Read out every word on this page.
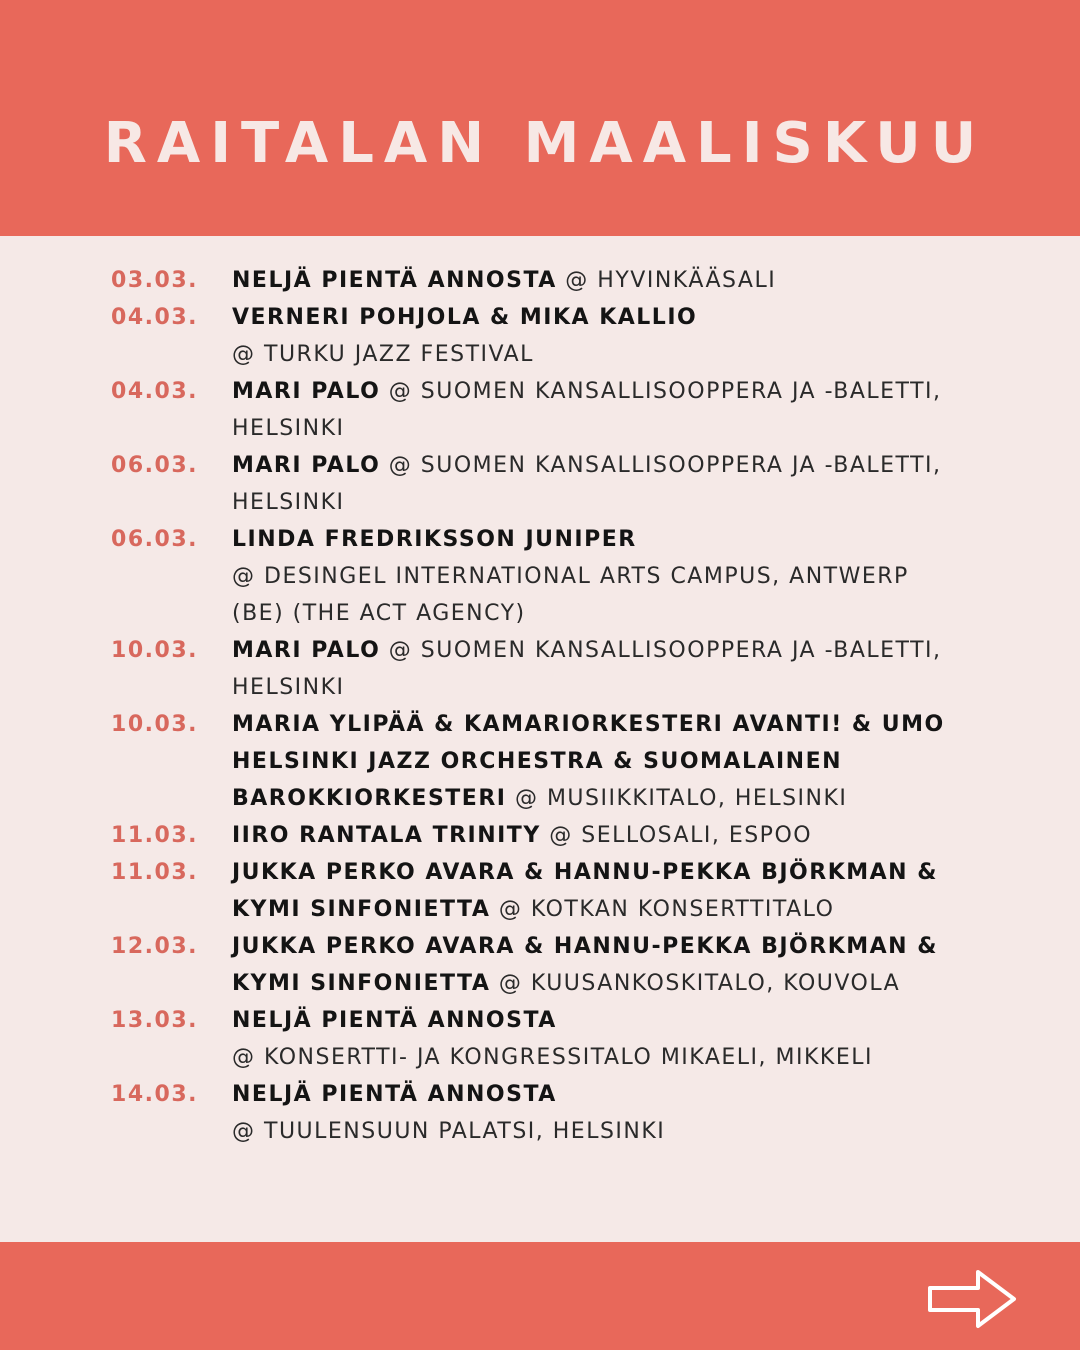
RAITALAN MAALISKUU
03.03. NELJÄ PIENTÄ ANNOSTA @ HYVINKÄÄSALI
04.03. VERNERI POHJOLA & MIKA KALLIO
@ TURKU JAZZ FESTIVAL
04.03. MARI PALO @ SUOMEN KANSALLISOOPPERA JA -BALETTI, HELSINKI
06.03. MARI PALO @ SUOMEN KANSALLISOOPPERA JA -BALETTI, HELSINKI
06.03. LINDA FREDRIKSSON JUNIPER
@ DESINGEL INTERNATIONAL ARTS CAMPUS, ANTWERP (BE) (THE ACT AGENCY)
10.03. MARI PALO @ SUOMEN KANSALLISOOPPERA JA -BALETTI, HELSINKI
10.03. MARIA YLIPÄÄ & KAMARIORKESTERI AVANTI! & UMO HELSINKI JAZZ ORCHESTRA & SUOMALAINEN BAROKKIORKESTERI @ MUSIIKKITALO, HELSINKI
11.03. IIRO RANTALA TRINITY @ SELLOSALI, ESPOO
11.03. JUKKA PERKO AVARA & HANNU-PEKKA BJÖRKMAN & KYMI SINFONIETTA @ KOTKAN KONSERTTITALO
12.03. JUKKA PERKO AVARA & HANNU-PEKKA BJÖRKMAN & KYMI SINFONIETTA @ KUUSANKOSKITALO, KOUVOLA
13.03. NELJÄ PIENTÄ ANNOSTA
@ KONSERTTI- JA KONGRESSITALO MIKAELI, MIKKELI
14.03. NELJÄ PIENTÄ ANNOSTA
@ TUULENSUUN PALATSI, HELSINKI
